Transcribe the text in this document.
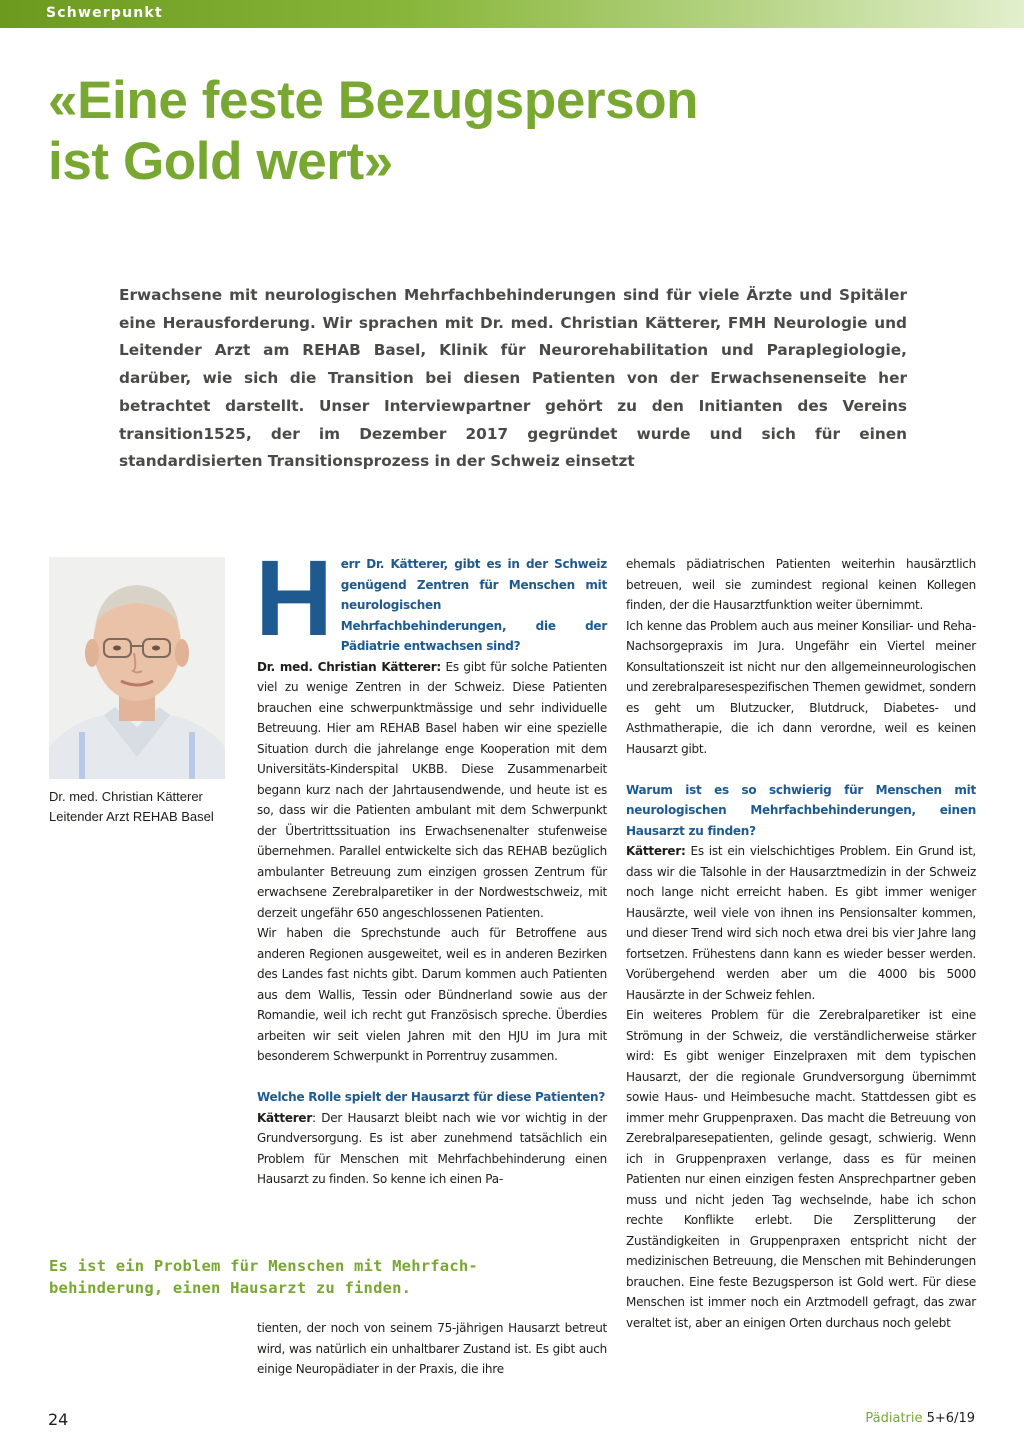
Schwerpunkt
«Eine feste Bezugsperson
ist Gold wert»

Erwachsene mit neurologischen Mehrfachbehinderungen sind für viele Ärzte und Spitäler eine Herausforderung. Wir sprachen mit Dr. med. Christian Kätterer, FMH Neurologie und Leitender Arzt am REHAB Basel, Klinik für Neurorehabilitation und Paraplegiologie, darüber, wie sich die Transition bei diesen Patienten von der Erwachsenenseite her betrachtet darstellt. Unser Interviewpartner gehört zu den Initianten des Vereins transition1525, der im Dezember 2017 gegründet wurde und sich für einen standardisierten Transitionsprozess in der Schweiz einsetzt

Dr. med. Christian Kätterer
Leitender Arzt REHAB Basel

H err Dr. Kätterer, gibt es in der Schweiz genügend Zentren für Menschen mit neurologischen Mehrfachbehinderungen, die der Pädiatrie entwachsen sind?

Dr. med. Christian Kätterer: Es gibt für solche Patienten viel zu wenige Zentren in der Schweiz. Diese Patienten brauchen eine schwerpunktmässige und sehr individuelle Betreuung. Hier am REHAB Basel haben wir eine spezielle Situation durch die jahrelange enge Kooperation mit dem Universitäts-Kinderspital UKBB. Diese Zusammenarbeit begann kurz nach der Jahrtausendwende, und heute ist es so, dass wir die Patienten ambulant mit dem Schwerpunkt der Übertrittssituation ins Erwachsenenalter stufenweise übernehmen. Parallel entwickelte sich das REHAB bezüglich ambulanter Betreuung zum einzigen grossen Zentrum für erwachsene Zerebralparetiker in der Nordwestschweiz, mit derzeit ungefähr 650 angeschlossenen Patienten.

Wir haben die Sprechstunde auch für Betroffene aus anderen Regionen ausgeweitet, weil es in anderen Bezirken des Landes fast nichts gibt. Darum kommen auch Patienten aus dem Wallis, Tessin oder Bündnerland sowie aus der Romandie, weil ich recht gut Französisch spreche. Überdies arbeiten wir seit vielen Jahren mit den HJU im Jura mit besonderem Schwerpunkt in Porrentruy zusammen.

Welche Rolle spielt der Hausarzt für diese Patienten?

Kätterer: Der Hausarzt bleibt nach wie vor wichtig in der Grundversorgung. Es ist aber zunehmend tatsächlich ein Problem für Menschen mit Mehrfachbehinderung einen Hausarzt zu finden. So kenne ich einen Pa-

Es ist ein Problem für Menschen mit Mehrfach-
behinderung, einen Hausarzt zu finden.

tienten, der noch von seinem 75-jährigen Hausarzt betreut wird, was natürlich ein unhaltbarer Zustand ist. Es gibt auch einige Neuropädiater in der Praxis, die ihre

ehemals pädiatrischen Patienten weiterhin hausärztlich betreuen, weil sie zumindest regional keinen Kollegen finden, der die Hausarztfunktion weiter übernimmt.

Ich kenne das Problem auch aus meiner Konsiliar- und Reha-Nachsorgepraxis im Jura. Ungefähr ein Viertel meiner Konsultationszeit ist nicht nur den allgemeinneurologischen und zerebralparesespezifischen Themen gewidmet, sondern es geht um Blutzucker, Blutdruck, Diabetes- und Asthmatherapie, die ich dann verordne, weil es keinen Hausarzt gibt.

Warum ist es so schwierig für Menschen mit neurologischen Mehrfachbehinderungen, einen Hausarzt zu finden?

Kätterer: Es ist ein vielschichtiges Problem. Ein Grund ist, dass wir die Talsohle in der Hausarztmedizin in der Schweiz noch lange nicht erreicht haben. Es gibt immer weniger Hausärzte, weil viele von ihnen ins Pensionsalter kommen, und dieser Trend wird sich noch etwa drei bis vier Jahre lang fortsetzen. Frühestens dann kann es wieder besser werden. Vorübergehend werden aber um die 4000 bis 5000 Hausärzte in der Schweiz fehlen.

Ein weiteres Problem für die Zerebralparetiker ist eine Strömung in der Schweiz, die verständlicherweise stärker wird: Es gibt weniger Einzelpraxen mit dem typischen Hausarzt, der die regionale Grundversorgung übernimmt sowie Haus- und Heimbesuche macht. Stattdessen gibt es immer mehr Gruppenpraxen. Das macht die Betreuung von Zerebralparesepatienten, gelinde gesagt, schwierig. Wenn ich in Gruppenpraxen verlange, dass es für meinen Patienten nur einen einzigen festen Ansprechpartner geben muss und nicht jeden Tag wechselnde, habe ich schon rechte Konflikte erlebt. Die Zersplitterung der Zuständigkeiten in Gruppenpraxen entspricht nicht der medizinischen Betreuung, die Menschen mit Behinderungen brauchen. Eine feste Bezugsperson ist Gold wert. Für diese Menschen ist immer noch ein Arztmodell gefragt, das zwar veraltet ist, aber an einigen Orten durchaus noch gelebt

24	Pädiatrie 5+6/19
